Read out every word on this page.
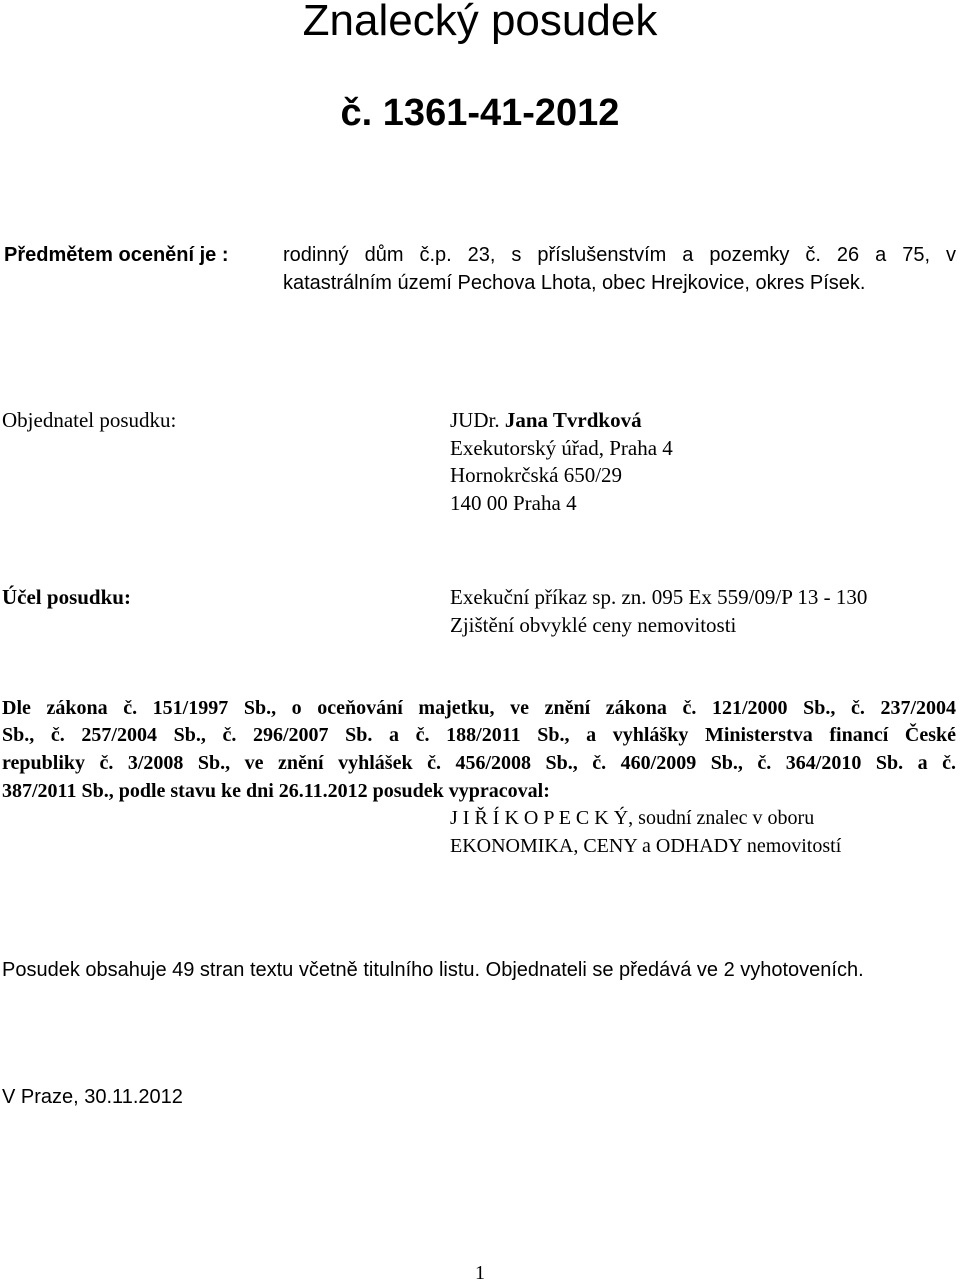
Znalecký posudek
č. 1361-41-2012
Předmětem ocenění je :	rodinný dům č.p. 23, s příslušenstvím a pozemky č. 26 a 75, v
katastrálním území Pechova Lhota, obec Hrejkovice, okres Písek.
Objednatel posudku:	JUDr. Jana Tvrdková
Exekutorský úřad, Praha 4
Hornokrčská 650/29
140 00 Praha 4
Účel posudku:	Exekuční příkaz sp. zn. 095 Ex 559/09/P 13 - 130
Zjištění obvyklé ceny nemovitosti
Dle zákona č. 151/1997 Sb., o oceňování majetku, ve znění zákona č. 121/2000 Sb., č. 237/2004
Sb., č. 257/2004 Sb., č. 296/2007 Sb. a č. 188/2011 Sb., a vyhlášky Ministerstva financí České
republiky č. 3/2008 Sb., ve znění vyhlášek č. 456/2008 Sb., č. 460/2009 Sb., č. 364/2010 Sb. a č.
387/2011 Sb., podle stavu ke dni 26.11.2012 posudek vypracoval:
J I Ř Í K O P E C K Ý, soudní znalec v oboru
EKONOMIKA, CENY a ODHADY nemovitostí
Posudek obsahuje 49 stran textu včetně titulního listu. Objednateli se předává ve 2 vyhotoveních.
V Praze, 30.11.2012
1
